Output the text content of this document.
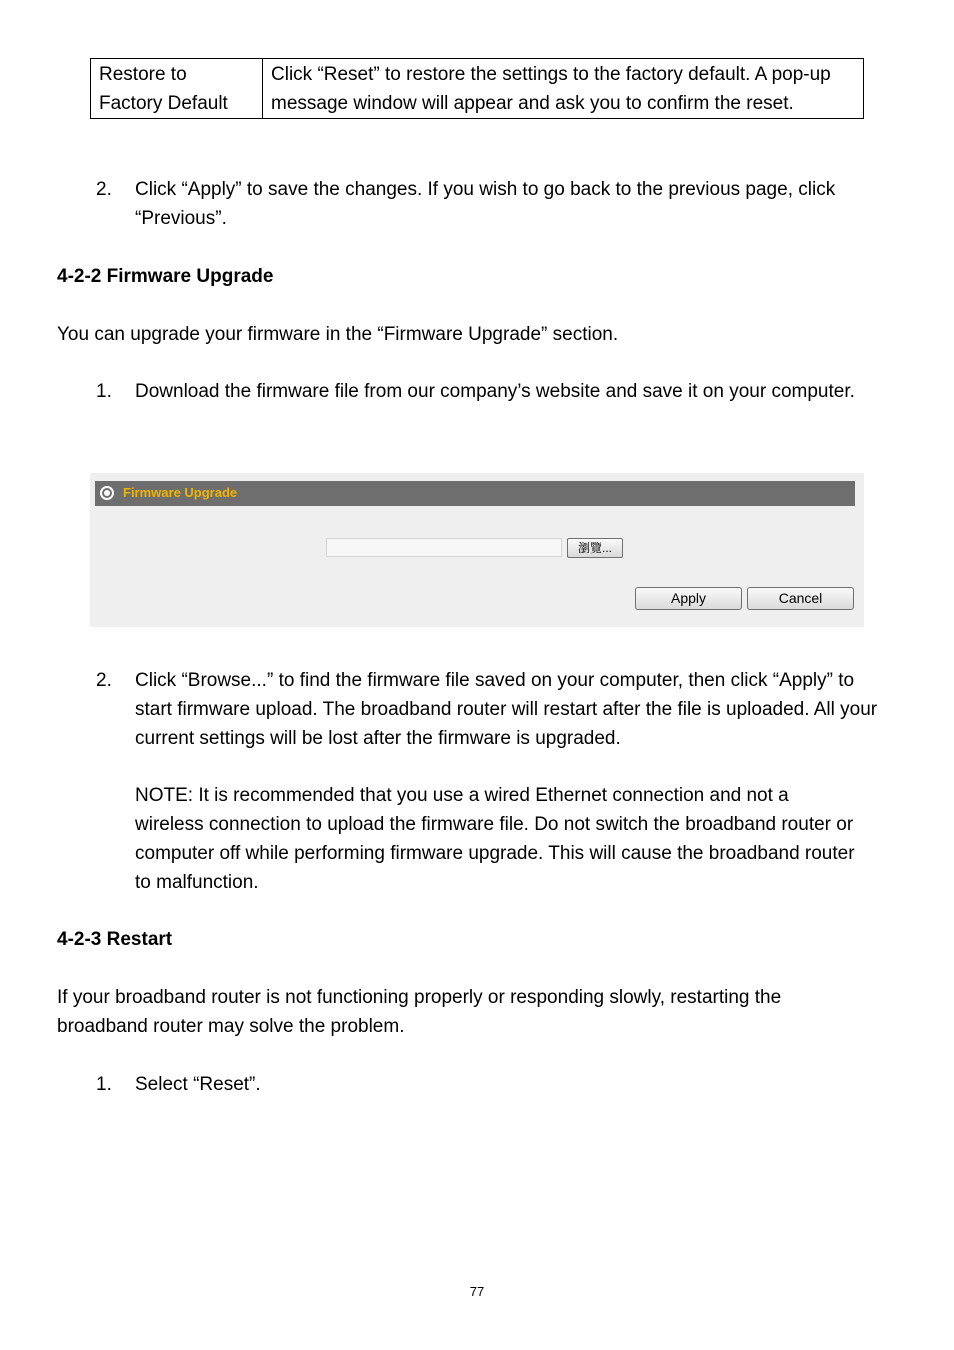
Restore to Factory Default	Click “Reset” to restore the settings to the factory default. A pop-up message window will appear and ask you to confirm the reset.
2. Click “Apply” to save the changes. If you wish to go back to the previous page, click “Previous”.

4-2-2 Firmware Upgrade

You can upgrade your firmware in the “Firmware Upgrade” section.

1. Download the firmware file from our company’s website and save it on your computer.

Firmware Upgrade
瀏覽...
Apply	Cancel
2. Click “Browse...” to find the firmware file saved on your computer, then click “Apply” to start firmware upload. The broadband router will restart after the file is uploaded. All your current settings will be lost after the firmware is upgraded.

NOTE: It is recommended that you use a wired Ethernet connection and not a wireless connection to upload the firmware file. Do not switch the broadband router or computer off while performing firmware upgrade. This will cause the broadband router to malfunction.

4-2-3 Restart

If your broadband router is not functioning properly or responding slowly, restarting the broadband router may solve the problem.

1. Select “Reset”.

77
